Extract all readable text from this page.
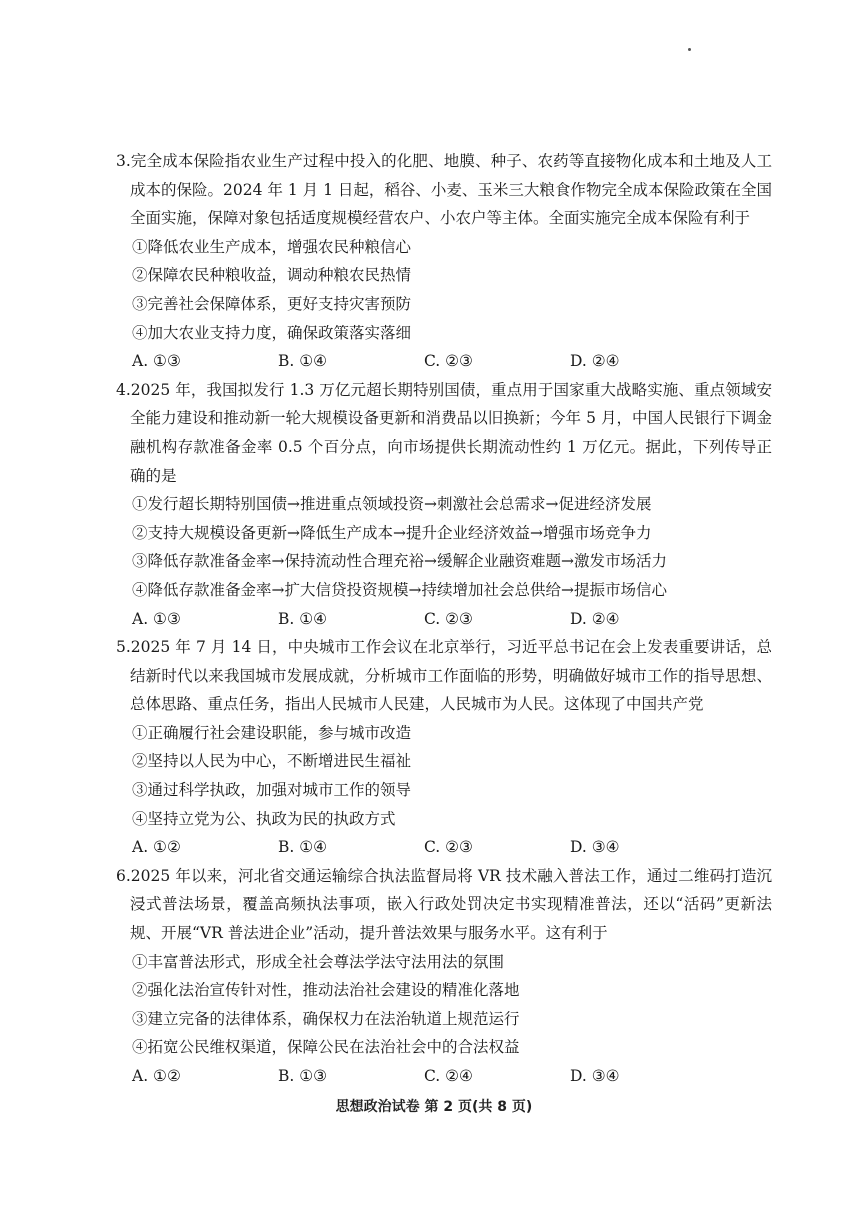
3.完全成本保险指农业生产过程中投入的化肥、地膜、种子、农药等直接物化成本和土地及人工成本的保险。2024 年 1 月 1 日起，稻谷、小麦、玉米三大粮食作物完全成本保险政策在全国全面实施，保障对象包括适度规模经营农户、小农户等主体。全面实施完全成本保险有利于

①降低农业生产成本，增强农民种粮信心

②保障农民种粮收益，调动种粮农民热情

③完善社会保障体系，更好支持灾害预防

④加大农业支持力度，确保政策落实落细

A. ①③	B. ①④	C. ②③	D. ②④

4.2025 年，我国拟发行 1.3 万亿元超长期特别国债，重点用于国家重大战略实施、重点领域安全能力建设和推动新一轮大规模设备更新和消费品以旧换新；今年 5 月，中国人民银行下调金融机构存款准备金率 0.5 个百分点，向市场提供长期流动性约 1 万亿元。据此，下列传导正确的是

①发行超长期特别国债→推进重点领域投资→刺激社会总需求→促进经济发展

②支持大规模设备更新→降低生产成本→提升企业经济效益→增强市场竞争力

③降低存款准备金率→保持流动性合理充裕→缓解企业融资难题→激发市场活力

④降低存款准备金率→扩大信贷投资规模→持续增加社会总供给→提振市场信心

A. ①③	B. ①④	C. ②③	D. ②④

5.2025 年 7 月 14 日，中央城市工作会议在北京举行，习近平总书记在会上发表重要讲话，总结新时代以来我国城市发展成就，分析城市工作面临的形势，明确做好城市工作的指导思想、总体思路、重点任务，指出人民城市人民建，人民城市为人民。这体现了中国共产党

①正确履行社会建设职能，参与城市改造

②坚持以人民为中心，不断增进民生福祉

③通过科学执政，加强对城市工作的领导

④坚持立党为公、执政为民的执政方式

A. ①②	B. ①④	C. ②③	D. ③④

6.2025 年以来，河北省交通运输综合执法监督局将 VR 技术融入普法工作，通过二维码打造沉浸式普法场景，覆盖高频执法事项，嵌入行政处罚决定书实现精准普法，还以“活码”更新法规、开展“VR 普法进企业”活动，提升普法效果与服务水平。这有利于

①丰富普法形式，形成全社会尊法学法守法用法的氛围

②强化法治宣传针对性，推动法治社会建设的精准化落地

③建立完备的法律体系，确保权力在法治轨道上规范运行

④拓宽公民维权渠道，保障公民在法治社会中的合法权益

A. ①②	B. ①③	C. ②④	D. ③④
思想政治试卷 第 2 页(共 8 页)
